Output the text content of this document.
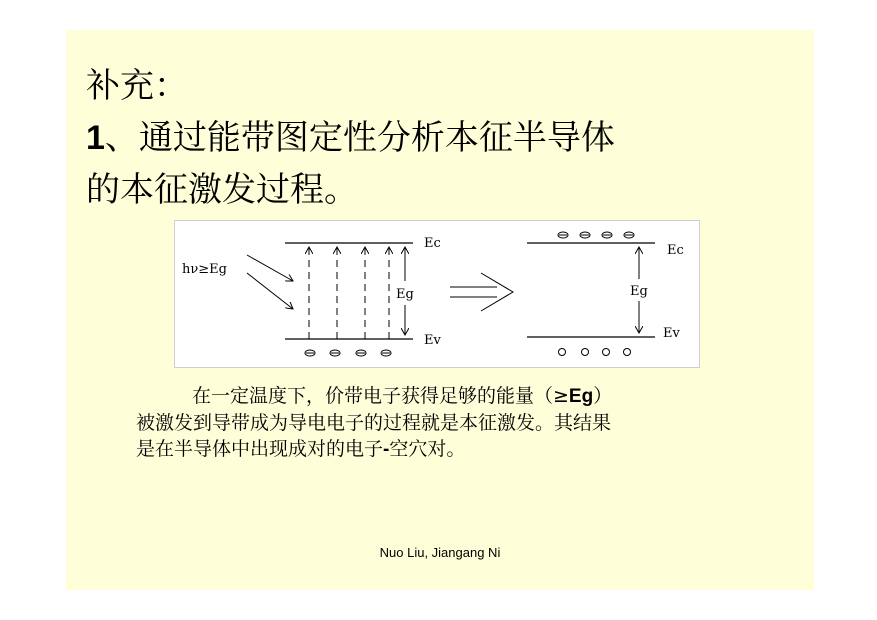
补充：
1、通过能带图定性分析本征半导体
的本征激发过程。
hν≥Eg
Ec
Ev
Eg
Ec
Ev
Eg
在一定温度下，价带电子获得足够的能量（≥Eg）
被激发到导带成为导电电子的过程就是本征激发。其结果
是在半导体中出现成对的电子-空穴对。
Nuo Liu, Jiangang Ni
